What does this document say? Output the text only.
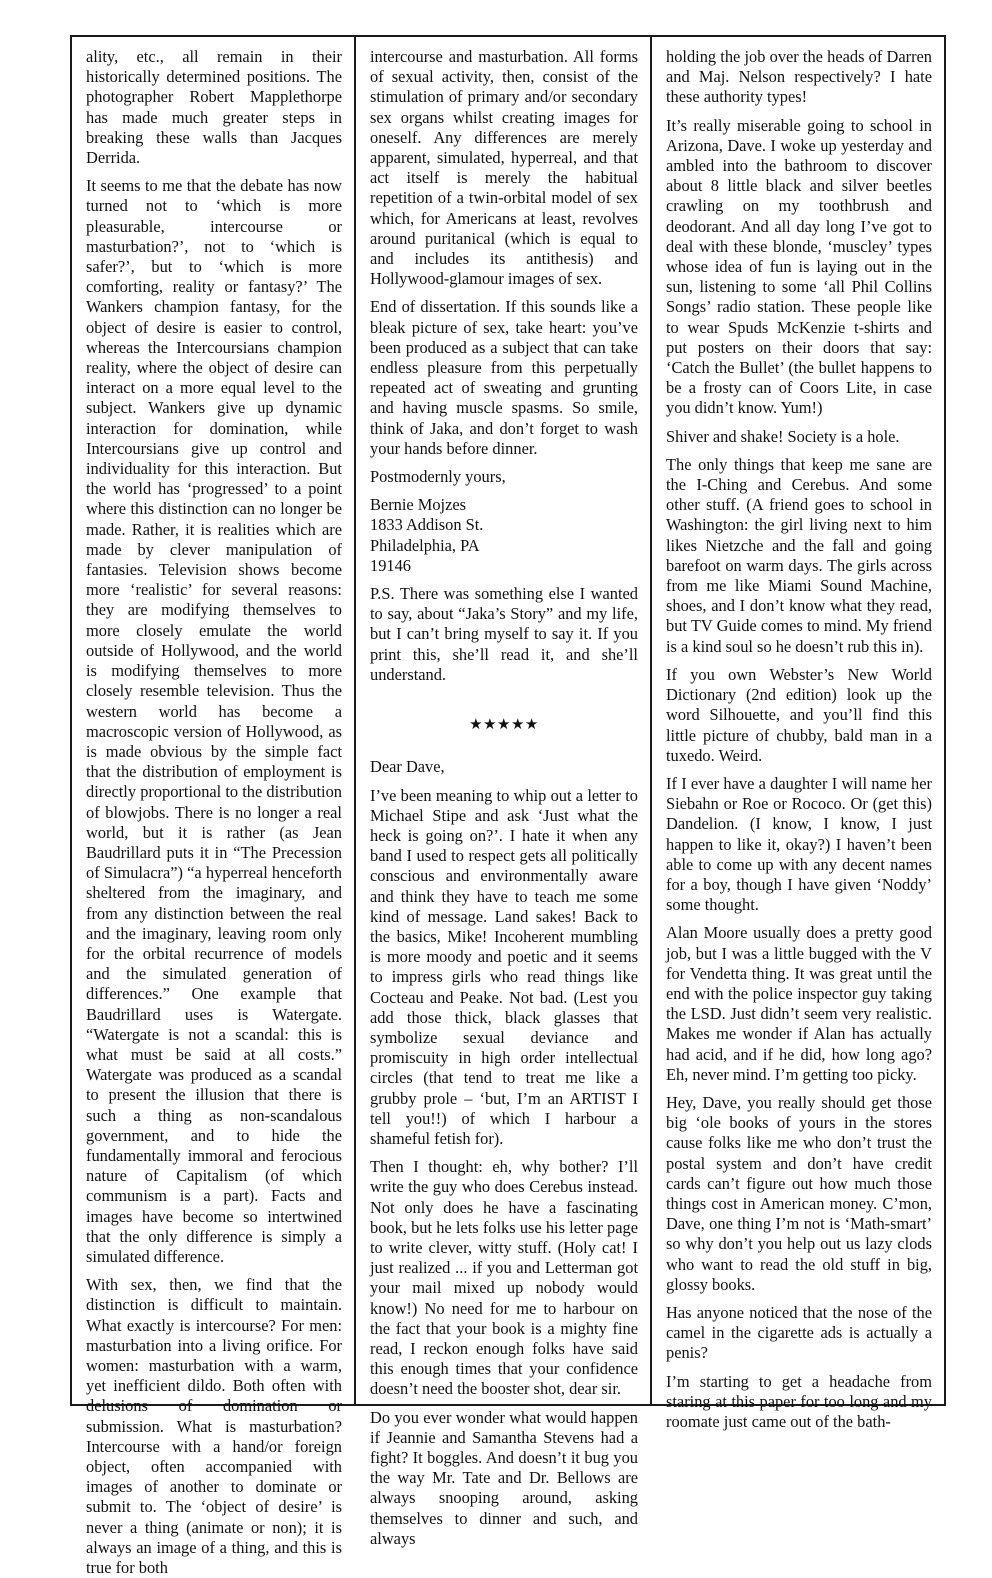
ality, etc., all remain in their historically determined positions. The photographer Robert Mapplethorpe has made much greater steps in breaking these walls than Jacques Derrida.

It seems to me that the debate has now turned not to ‘which is more pleasurable, intercourse or masturbation?’, not to ‘which is safer?’, but to ‘which is more comforting, reality or fantasy?’ The Wankers champion fantasy, for the object of desire is easier to control, whereas the Intercoursians champion reality, where the object of desire can interact on a more equal level to the subject. Wankers give up dynamic interaction for domination, while Intercoursians give up control and individuality for this interaction. But the world has ‘progressed’ to a point where this distinction can no longer be made. Rather, it is realities which are made by clever manipulation of fantasies. Television shows become more ‘realistic’ for several reasons: they are modifying themselves to more closely emulate the world outside of Hollywood, and the world is modifying themselves to more closely resemble television. Thus the western world has become a macroscopic version of Hollywood, as is made obvious by the simple fact that the distribution of employment is directly proportional to the distribution of blowjobs. There is no longer a real world, but it is rather (as Jean Baudrillard puts it in “The Precession of Simulacra”) “a hyperreal henceforth sheltered from the imaginary, and from any distinction between the real and the imaginary, leaving room only for the orbital recurrence of models and the simulated generation of differences.” One example that Baudrillard uses is Watergate. “Watergate is not a scandal: this is what must be said at all costs.” Watergate was produced as a scandal to present the illusion that there is such a thing as non-scandalous government, and to hide the fundamentally immoral and ferocious nature of Capitalism (of which communism is a part). Facts and images have become so intertwined that the only difference is simply a simulated difference.

With sex, then, we find that the distinction is difficult to maintain. What exactly is intercourse? For men: masturbation into a living orifice. For women: masturbation with a warm, yet inefficient dildo. Both often with delusions of domination or submission. What is masturbation? Intercourse with a hand/or foreign object, often accompanied with images of another to dominate or submit to. The ‘object of desire’ is never a thing (animate or non); it is always an image of a thing, and this is true for both

intercourse and masturbation. All forms of sexual activity, then, consist of the stimulation of primary and/or secondary sex organs whilst creating images for oneself. Any differences are merely apparent, simulated, hyperreal, and that act itself is merely the habitual repetition of a twin-orbital model of sex which, for Americans at least, revolves around puritanical (which is equal to and includes its antithesis) and Hollywood-glamour images of sex.

End of dissertation. If this sounds like a bleak picture of sex, take heart: you’ve been produced as a subject that can take endless pleasure from this perpetually repeated act of sweating and grunting and having muscle spasms. So smile, think of Jaka, and don’t forget to wash your hands before dinner.

Postmodernly yours,

Bernie Mojzes

1833 Addison St.

Philadelphia, PA

19146

P.S. There was something else I wanted to say, about “Jaka’s Story” and my life, but I can’t bring myself to say it. If you print this, she’ll read it, and she’ll understand.

★★★★★

Dear Dave,

I’ve been meaning to whip out a letter to Michael Stipe and ask ‘Just what the heck is going on?’. I hate it when any band I used to respect gets all politically conscious and environmentally aware and think they have to teach me some kind of message. Land sakes! Back to the basics, Mike! Incoherent mumbling is more moody and poetic and it seems to impress girls who read things like Cocteau and Peake. Not bad. (Lest you add those thick, black glasses that symbolize sexual deviance and promiscuity in high order intellectual circles (that tend to treat me like a grubby prole – ‘but, I’m an ARTIST I tell you!!) of which I harbour a shameful fetish for).

Then I thought: eh, why bother? I’ll write the guy who does Cerebus instead. Not only does he have a fascinating book, but he lets folks use his letter page to write clever, witty stuff. (Holy cat! I just realized ... if you and Letterman got your mail mixed up nobody would know!) No need for me to harbour on the fact that your book is a mighty fine read, I reckon enough folks have said this enough times that your confidence doesn’t need the booster shot, dear sir.

Do you ever wonder what would happen if Jeannie and Samantha Stevens had a fight? It boggles. And doesn’t it bug you the way Mr. Tate and Dr. Bellows are always snooping around, asking themselves to dinner and such, and always

holding the job over the heads of Darren and Maj. Nelson respectively? I hate these authority types!

It’s really miserable going to school in Arizona, Dave. I woke up yesterday and ambled into the bathroom to discover about 8 little black and silver beetles crawling on my toothbrush and deodorant. And all day long I’ve got to deal with these blonde, ‘muscley’ types whose idea of fun is laying out in the sun, listening to some ‘all Phil Collins Songs’ radio station. These people like to wear Spuds McKenzie t-shirts and put posters on their doors that say: ‘Catch the Bullet’ (the bullet happens to be a frosty can of Coors Lite, in case you didn’t know. Yum!)

Shiver and shake! Society is a hole.

The only things that keep me sane are the I-Ching and Cerebus. And some other stuff. (A friend goes to school in Washington: the girl living next to him likes Nietzche and the fall and going barefoot on warm days. The girls across from me like Miami Sound Machine, shoes, and I don’t know what they read, but TV Guide comes to mind. My friend is a kind soul so he doesn’t rub this in).

If you own Webster’s New World Dictionary (2nd edition) look up the word Silhouette, and you’ll find this little picture of chubby, bald man in a tuxedo. Weird.

If I ever have a daughter I will name her Siebahn or Roe or Rococo. Or (get this) Dandelion. (I know, I know, I just happen to like it, okay?) I haven’t been able to come up with any decent names for a boy, though I have given ‘Noddy’ some thought.

Alan Moore usually does a pretty good job, but I was a little bugged with the V for Vendetta thing. It was great until the end with the police inspector guy taking the LSD. Just didn’t seem very realistic. Makes me wonder if Alan has actually had acid, and if he did, how long ago? Eh, never mind. I’m getting too picky.

Hey, Dave, you really should get those big ‘ole books of yours in the stores cause folks like me who don’t trust the postal system and don’t have credit cards can’t figure out how much those things cost in American money. C’mon, Dave, one thing I’m not is ‘Math-smart’ so why don’t you help out us lazy clods who want to read the old stuff in big, glossy books.

Has anyone noticed that the nose of the camel in the cigarette ads is actually a penis?

I’m starting to get a headache from staring at this paper for too long and my roomate just came out of the bath-
